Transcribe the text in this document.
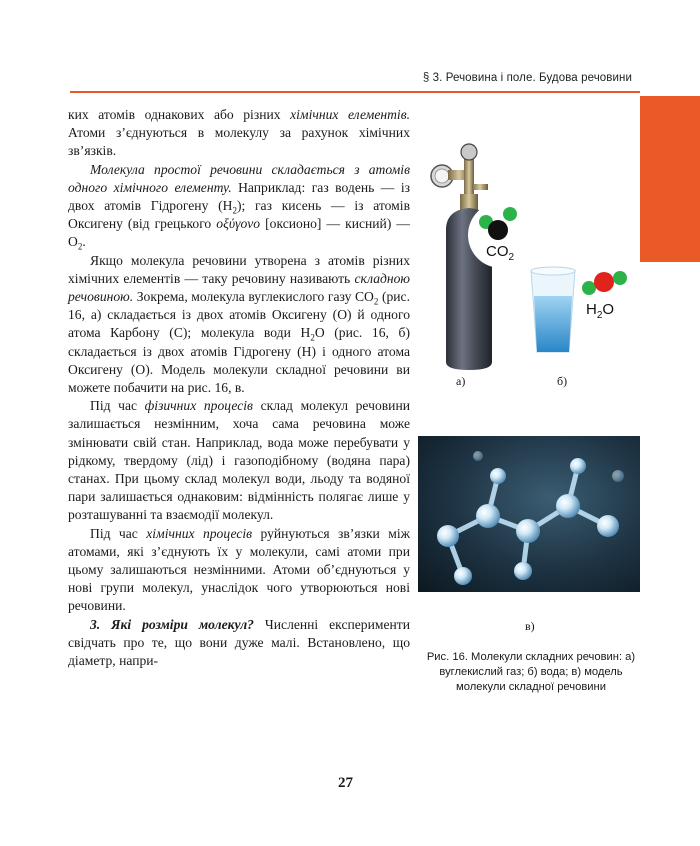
§ 3. Речовина і поле. Будова речовини

ких атомів однакових або різних хімічних елементів. Атоми з’єднуються в молекулу за рахунок хімічних зв’язків.

Молекула простої речовини складається з атомів одного хімічного елементу. Наприклад: газ водень — із двох атомів Гідрогену $(H_2)$; газ кисень — із атомів Оксигену (від грецького οξύγονο [оксионо] — кисний) — $O_2$.

Якщо молекула речовини утворена з атомів різних хімічних елементів — таку речовину називають складною речовиною. Зокрема, молекула вуглекислого газу $CO_2$ (рис. 16, а) складається із двох атомів Оксигену (O) й одного атома Карбону (C); молекула води $H_2O$ (рис. 16, б) складається із двох атомів Гідрогену (H) і одного атома Оксигену (O). Модель молекули складної речовини ви можете побачити на рис. 16, в.

Під час фізичних процесів склад молекул речовини залишається незмінним, хоча сама речовина може змінювати свій стан. Наприклад, вода може перебувати у рідкому, твердому (лід) і газоподібному (водяна пара) станах. При цьому склад молекул води, льоду та водяної пари залишається однаковим: відмінність полягає лише у розташуванні та взаємодії молекул.

Під час хімічних процесів руйнуються зв’язки між атомами, які з’єднують їх у молекули, самі атоми при цьому залишаються незмінними. Атоми об’єднуються у нові групи молекул, унаслідок чого утворюються нові речовини.

3. Які розміри молекул? Численні експерименти свідчать про те, що вони дуже малі. Встановлено, що діаметр, напри-

$CO_2$
$H_2O$
а)	б)
в)
Рис. 16. Молекули складних речовин: а) вуглекислий газ; б) вода; в) модель молекули складної речовини
27
